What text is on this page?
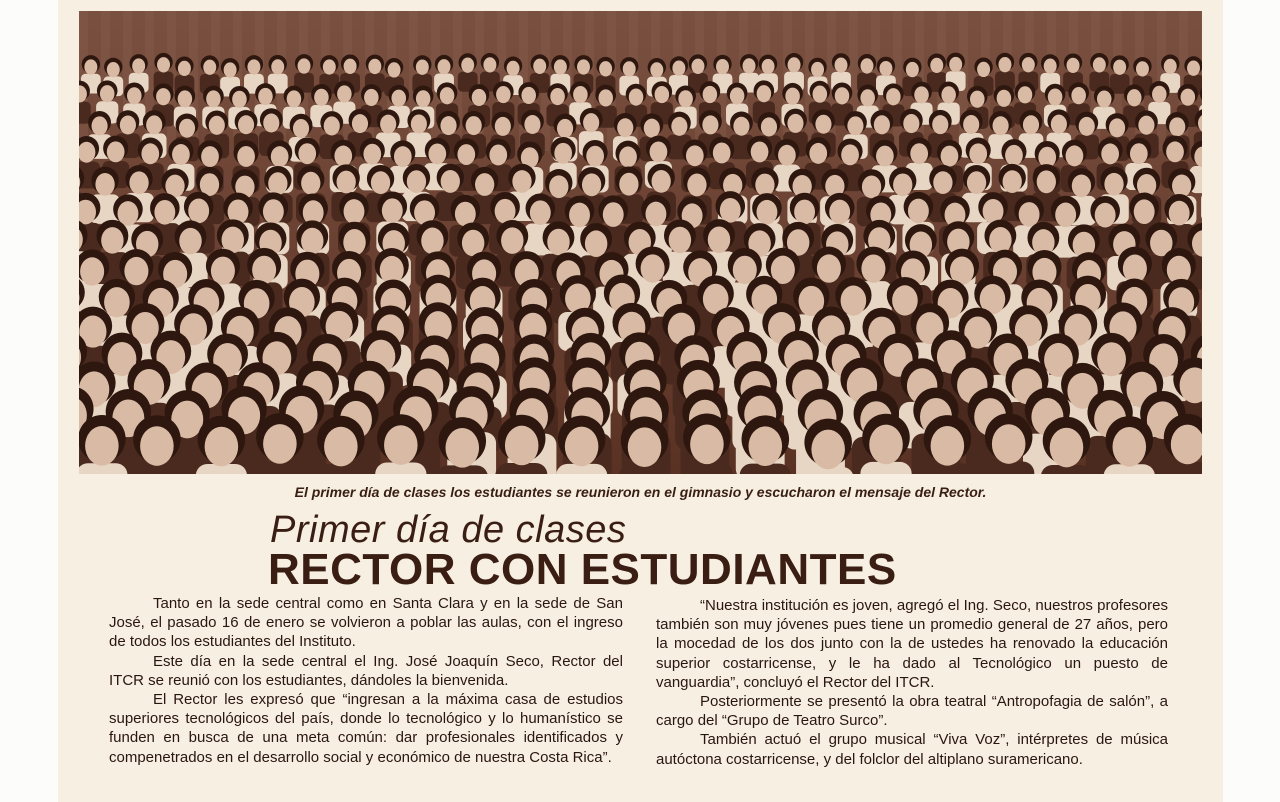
El primer día de clases los estudiantes se reunieron en el gimnasio y escucharon el mensaje del Rector.
Primer día de clases
RECTOR CON ESTUDIANTES

Tanto en la sede central como en Santa Clara y en la sede de San José, el pasado 16 de enero se volvieron a poblar las aulas, con el ingreso de todos los estudiantes del Instituto.

Este día en la sede central el Ing. José Joaquín Seco, Rector del ITCR se reunió con los estudiantes, dándoles la bienvenida.

El Rector les expresó que “ingresan a la máxima casa de estudios superiores tecnológicos del país, donde lo tecnológico y lo humanístico se funden en busca de una meta común: dar profesionales identificados y compenetrados en el desarrollo social y económico de nuestra Costa Rica”.

“Nuestra institución es joven, agregó el Ing. Seco, nuestros profesores también son muy jóvenes pues tiene un promedio general de 27 años, pero la mocedad de los dos junto con la de ustedes ha renovado la educación superior costarricense, y le ha dado al Tecnológico un puesto de vanguardia”, concluyó el Rector del ITCR.

Posteriormente se presentó la obra teatral “Antropofagia de salón”, a cargo del “Grupo de Teatro Surco”.

También actuó el grupo musical “Viva Voz”, intérpretes de música autóctona costarricense, y del folclor del altiplano suramericano.
